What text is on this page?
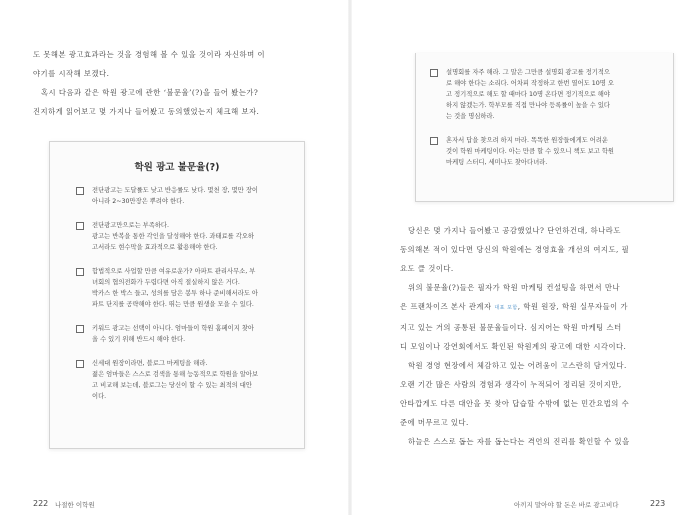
도 못해본 광고효과라는 것을 경험해 볼 수 있을 것이라 자신하며 이
야기를 시작해 보겠다.

혹시 다음과 같은 학원 광고에 관한 ‘불문율’(?)을 들어 봤는가?
진지하게 읽어보고 몇 가지나 들어봤고 동의했었는지 체크해 보자.

학원 광고 불문율(?)
전단광고는 도달률도 낮고 반응률도 낮다. 몇천 장, 몇만 장이
아니라 2~30만장은 뿌려야 한다.
전단광고만으로는 부족하다.
광고는 반복을 통한 각인을 달성해야 한다. 과태료를 각오하
고서라도 현수막을 효과적으로 활용해야 한다.
합법적으로 사업할 만큼 여유로운가? 아파트 관리사무소, 부
녀회의 협의전화가 두렵다면 아직 절실하지 않은 거다.
박카스 한 박스 들고, 성의를 담은 봉투 하나 준비해서라도 아
파트 단지를 공략해야 한다. 뛰는 만큼 원생을 모을 수 있다.
키워드 광고는 선택이 아니다. 엄마들이 학원 홈페이지 찾아
올 수 있기 위해 반드시 해야 한다.
신세대 원장이라면, 블로그 마케팅을 해라.
젊은 엄마들은 스스로 검색을 통해 능동적으로 학원을 알아보
고 비교해 보는데, 블로그는 당신이 할 수 있는 최적의 대안
이다.
222 나절한 이학원
설명회를 자주 해라. 그 말은 그만큼 설명회 광고를 정기적으
로 해야 한다는 소리다. 어차피 작정하고 한번 열어도 10명 오
고 정기적으로 해도 할 때마다 10명 온다면 정기적으로 해야
하지 않겠는가. 학부모를 직접 만나야 등록률이 높을 수 있다
는 것을 명심하라.
혼자서 답을 찾으려 하지 마라. 똑똑한 원장들에게도 어려운
것이 학원 마케팅이다. 아는 만큼 할 수 있으니 책도 보고 학원
마케팅 스터디, 세미나도 찾아다녀라.

당신은 몇 가지나 들어봤고 공감했었나? 단언하건대, 하나라도
동의해본 적이 있다면 당신의 학원에는 경영효율 개선의 여지도, 필
요도 클 것이다.

위의 불문율(?)들은 필자가 학원 마케팅 컨설팅을 하면서 만나
은 프랜차이즈 본사 관계자 대표 포함, 학원 원장, 학원 실무자들이 가
지고 있는 거의 공통된 불문율들이다. 심지어는 학원 마케팅 스터
디 모임이나 강연회에서도 확인된 학원계의 광고에 대한 시각이다.

학원 경영 현장에서 체감하고 있는 어려움이 고스란히 담겨있다.
오랜 기간 많은 사람의 경험과 생각이 누적되어 정리된 것이지만,
안타깝게도 다른 대안을 못 찾아 답습할 수밖에 없는 민간요법의 수
준에 머무르고 있다.

하늘은 스스로 돕는 자를 돕는다는 격언의 진리를 확인할 수 있을

아끼지 말아야 할 돈은 바로 광고비다	223
